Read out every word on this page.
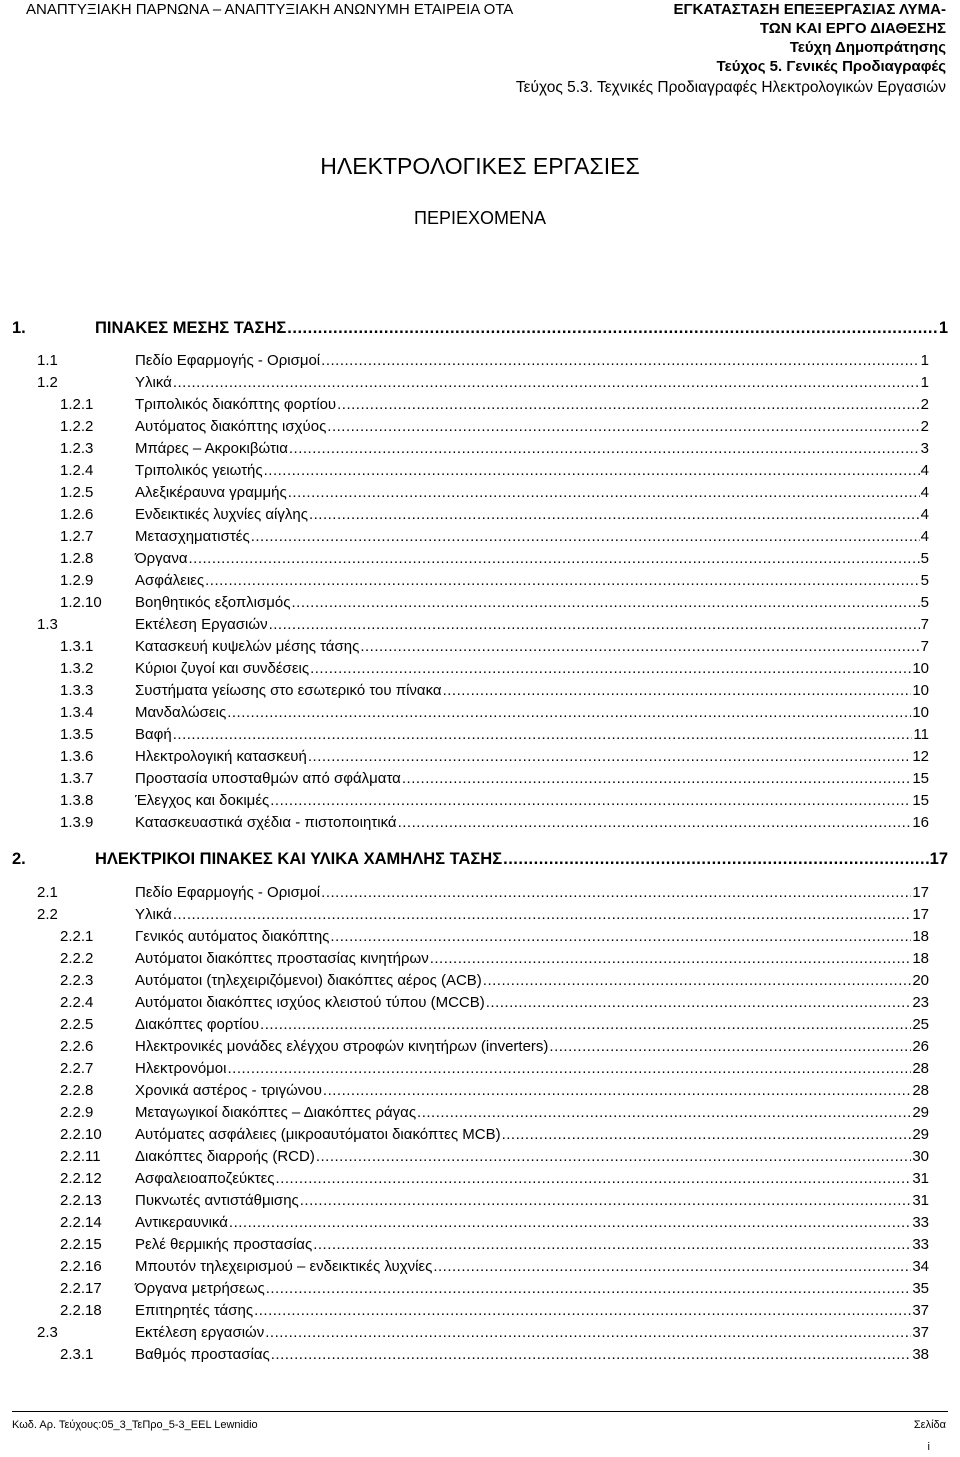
ΑΝΑΠΤΥΞΙΑΚΗ ΠΑΡΝΩΝΑ – ΑΝΑΠΤΥΞΙΑΚΗ ΑΝΩΝΥΜΗ ΕΤΑΙΡΕΙΑ ΟΤΑ	ΕΓΚΑΤΑΣΤΑΣΗ ΕΠΕΞΕΡΓΑΣΙΑΣ ΛΥΜΑ-
ΤΩΝ ΚΑΙ ΕΡΓΟ ΔΙΑΘΕΣΗΣ
Τεύχη Δημοπράτησης
Τεύχος 5. Γενικές Προδιαγραφές
Τεύχος 5.3. Τεχνικές Προδιαγραφές Ηλεκτρολογικών Εργασιών
ΗΛΕΚΤΡΟΛΟΓΙΚΕΣ ΕΡΓΑΣΙΕΣ
ΠΕΡΙΕΧΟΜΕΝΑ
1.	ΠΙΝΑΚΕΣ ΜΕΣΗΣ ΤΑΣΗΣ .....	1
1.1	Πεδίο Εφαρμογής - Ορισμοί .....	1
1.2	Υλικά .....	1
1.2.1	Τριπολικός διακόπτης φορτίου .....	2
1.2.2	Αυτόματος διακόπτης ισχύος .....	2
1.2.3	Μπάρες – Ακροκιβώτια .....	3
1.2.4	Τριπολικός γειωτής .....	4
1.2.5	Αλεξικέραυνα γραμμής .....	4
1.2.6	Ενδεικτικές λυχνίες αίγλης .....	4
1.2.7	Μετασχηματιστές .....	4
1.2.8	Όργανα .....	5
1.2.9	Ασφάλειες .....	5
1.2.10	Βοηθητικός εξοπλισμός .....	5
1.3	Εκτέλεση Εργασιών .....	7
1.3.1	Κατασκευή κυψελών μέσης τάσης .....	7
1.3.2	Κύριοι ζυγοί και συνδέσεις .....	10
1.3.3	Συστήματα γείωσης στο εσωτερικό του πίνακα .....	10
1.3.4	Μανδαλώσεις .....	10
1.3.5	Βαφή .....	11
1.3.6	Ηλεκτρολογική κατασκευή .....	12
1.3.7	Προστασία υποσταθμών από σφάλματα .....	15
1.3.8	Έλεγχος και δοκιμές .....	15
1.3.9	Κατασκευαστικά σχέδια - πιστοποιητικά .....	16
2.	ΗΛΕΚΤΡΙΚΟΙ ΠΙΝΑΚΕΣ ΚΑΙ ΥΛΙΚΑ ΧΑΜΗΛΗΣ ΤΑΣΗΣ .....	17
2.1	Πεδίο Εφαρμογής - Ορισμοί .....	17
2.2	Υλικά .....	17
2.2.1	Γενικός αυτόματος διακόπτης .....	18
2.2.2	Αυτόματοι διακόπτες προστασίας κινητήρων .....	18
2.2.3	Αυτόματοι (τηλεχειριζόμενοι) διακόπτες αέρος (ACB) .....	20
2.2.4	Αυτόματοι διακόπτες ισχύος κλειστού τύπου (MCCB) .....	23
2.2.5	Διακόπτες φορτίου .....	25
2.2.6	Ηλεκτρονικές μονάδες ελέγχου στροφών κινητήρων (inverters) .....	26
2.2.7	Ηλεκτρονόμοι .....	28
2.2.8	Χρονικά αστέρος - τριγώνου .....	28
2.2.9	Μεταγωγικοί διακόπτες – Διακόπτες ράγας .....	29
2.2.10	Αυτόματες ασφάλειες (μικροαυτόματοι διακόπτες MCB) .....	29
2.2.11	Διακόπτες διαρροής (RCD) .....	30
2.2.12	Ασφαλειοαποζεύκτες .....	31
2.2.13	Πυκνωτές αντιστάθμισης .....	31
2.2.14	Αντικεραυνικά .....	33
2.2.15	Ρελέ θερμικής προστασίας .....	33
2.2.16	Μπουτόν τηλεχειρισμού – ενδεικτικές λυχνίες .....	34
2.2.17	Όργανα μετρήσεως .....	35
2.2.18	Επιτηρητές τάσης .....	37
2.3	Εκτέλεση εργασιών .....	37
2.3.1	Βαθμός προστασίας .....	38
Κωδ. Αρ. Τεύχους:05_3_ΤεΠρο_5-3_EEL Lewnidio	Σελίδα
i
